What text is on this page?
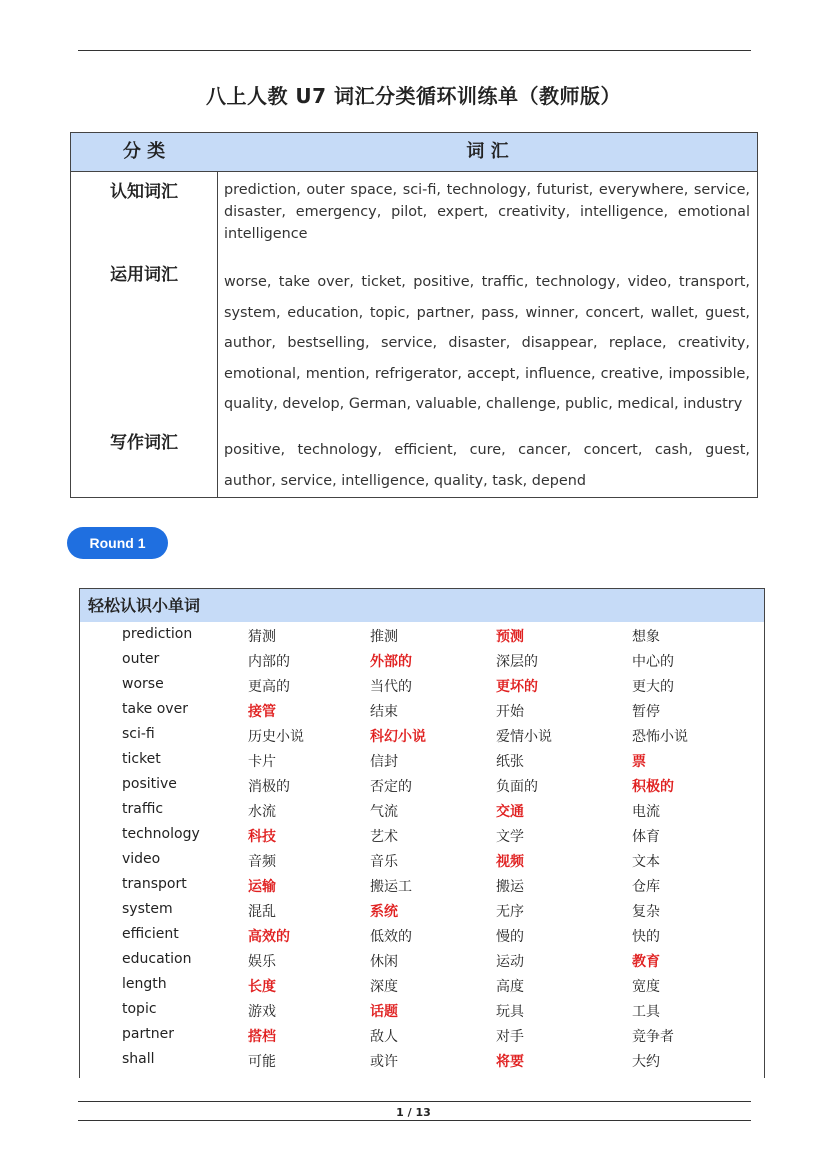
八上人教 U7 词汇分类循环训练单（教师版）
分 类	词 汇
认知词汇	prediction, outer space, sci-fi, technology, futurist, everywhere, service, disaster, emergency, pilot, expert, creativity, intelligence, emotional intelligence
运用词汇	worse, take over, ticket, positive, traffic, technology, video, transport, system, education, topic, partner, pass, winner, concert, wallet, guest, author, bestselling, service, disaster, disappear, replace, creativity, emotional, mention, refrigerator, accept, influence, creative, impossible, quality, develop, German, valuable, challenge, public, medical, industry
写作词汇	positive, technology, efficient, cure, cancer, concert, cash, guest, author, service, intelligence, quality, task, depend
Round 1
轻松认识小单词
prediction	猜测	推测	预测	想象
outer	内部的	外部的	深层的	中心的
worse	更高的	当代的	更坏的	更大的
take over	接管	结束	开始	暂停
sci-fi	历史小说	科幻小说	爱情小说	恐怖小说
ticket	卡片	信封	纸张	票
positive	消极的	否定的	负面的	积极的
traffic	水流	气流	交通	电流
technology	科技	艺术	文学	体育
video	音频	音乐	视频	文本
transport	运输	搬运工	搬运	仓库
system	混乱	系统	无序	复杂
efficient	高效的	低效的	慢的	快的
education	娱乐	休闲	运动	教育
length	长度	深度	高度	宽度
topic	游戏	话题	玩具	工具
partner	搭档	敌人	对手	竞争者
shall	可能	或许	将要	大约
1 / 13
